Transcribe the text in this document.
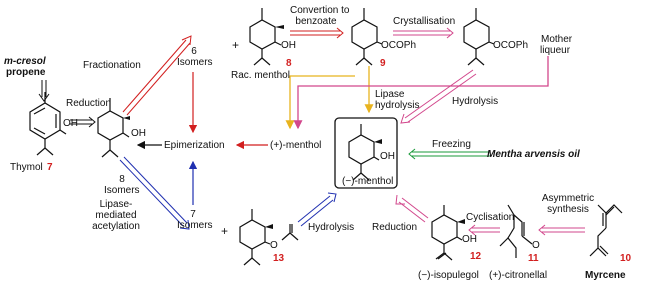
m-cresol
propene
OH
Thymol 7
Reduction
Fractionation
OH
8
Isomers
Lipase-
mediated
acetylation
6
Isomers
+	OH
Rac. menthol
8
Convertion to
benzoate
OCOPh
9
Crystallisation
OCOPh
Mother
liqueur
Lipase
hydrolysis	Hydrolysis
Epimerization	(+)-menthol
OH
(−)-menthol
Freezing
Mentha arvensis oil
7
Isomers +
O
13
Hydrolysis Reduction
OH
12
(−)-isopulegol
Cyclisation
O
11
(+)-citronellal
Asymmetric
synthesis
10
Myrcene
